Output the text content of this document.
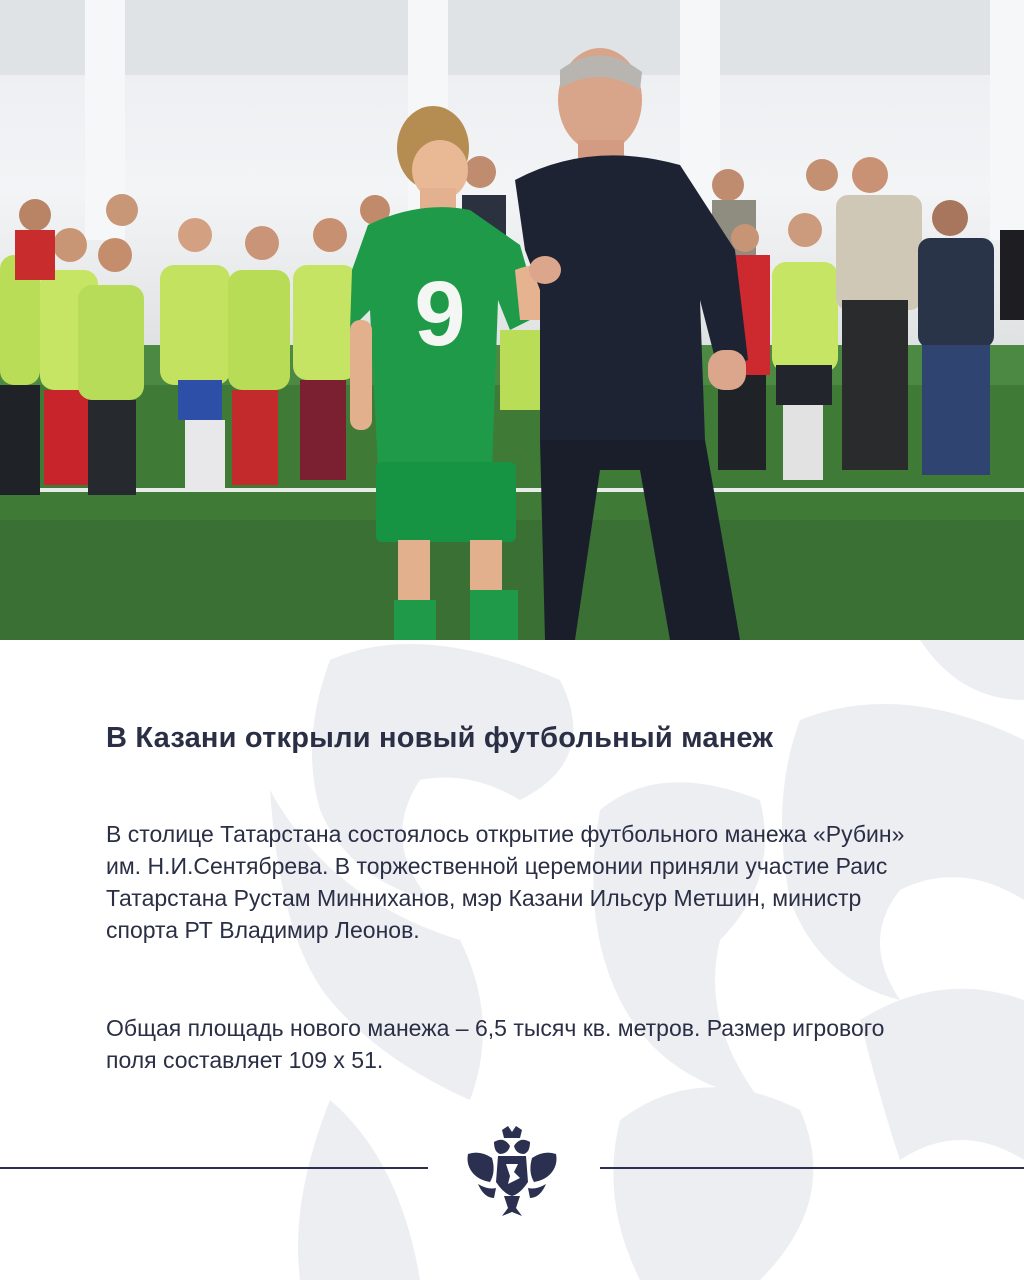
9
В Казани открыли новый футбольный манеж

В столице Татарстана состоялось открытие футбольного манежа «Рубин» им. Н.И.Сентябрева. В торжественной церемонии приняли участие Раис Татарстана Рустам Минниханов, мэр Казани Ильсур Метшин, министр спорта РТ Владимир Леонов.

Общая площадь нового манежа – 6,5 тысяч кв. метров. Размер игрового поля составляет 109 х 51.
